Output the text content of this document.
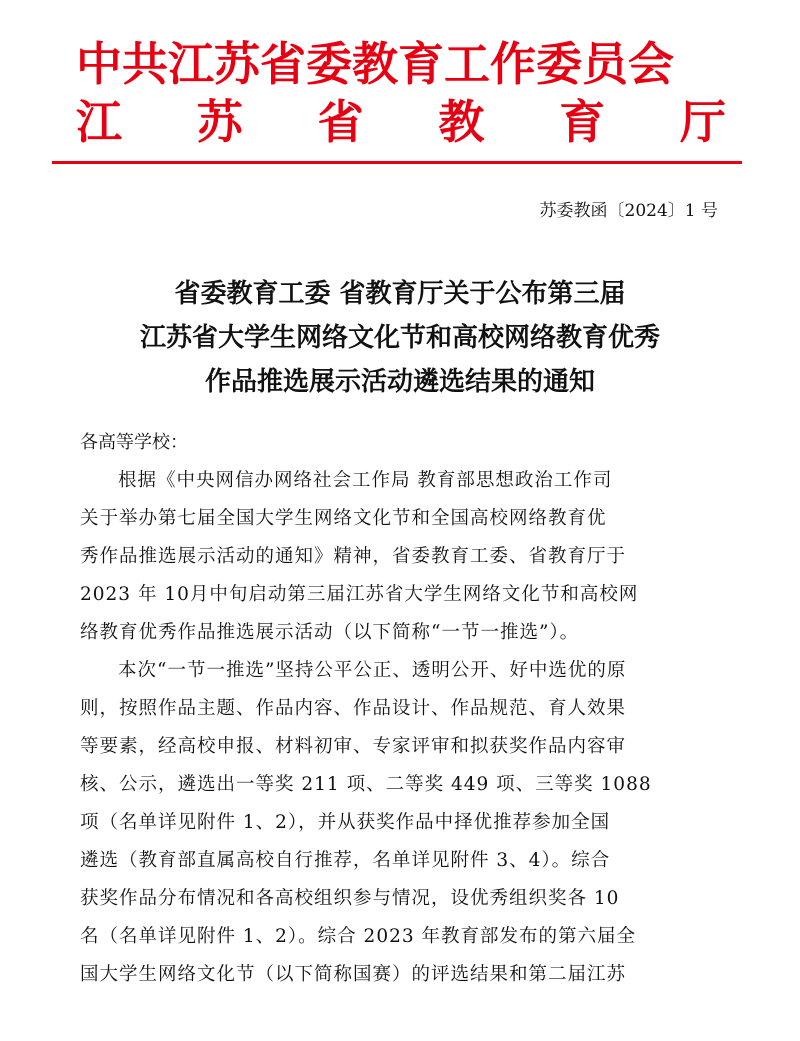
中共江苏省委教育工作委员会
江 苏 省 教 育 厅
苏委教函〔2024〕1 号
省委教育工委 省教育厅关于公布第三届
江苏省大学生网络文化节和高校网络教育优秀
作品推选展示活动遴选结果的通知
各高等学校：
根据《中央网信办网络社会工作局 教育部思想政治工作司
关于举办第七届全国大学生网络文化节和全国高校网络教育优
秀作品推选展示活动的通知》精神，省委教育工委、省教育厅于
2023 年 10月中旬启动第三届江苏省大学生网络文化节和高校网
络教育优秀作品推选展示活动（以下简称“一节一推选”）。
本次“一节一推选”坚持公平公正、透明公开、好中选优的原
则，按照作品主题、作品内容、作品设计、作品规范、育人效果
等要素，经高校申报、材料初审、专家评审和拟获奖作品内容审
核、公示，遴选出一等奖 211 项、二等奖 449 项、三等奖 1088
项（名单详见附件 1、2），并从获奖作品中择优推荐参加全国
遴选（教育部直属高校自行推荐，名单详见附件 3、4）。综合
获奖作品分布情况和各高校组织参与情况，设优秀组织奖各 10
名（名单详见附件 1、2）。综合 2023 年教育部发布的第六届全
国大学生网络文化节（以下简称国赛）的评选结果和第二届江苏
